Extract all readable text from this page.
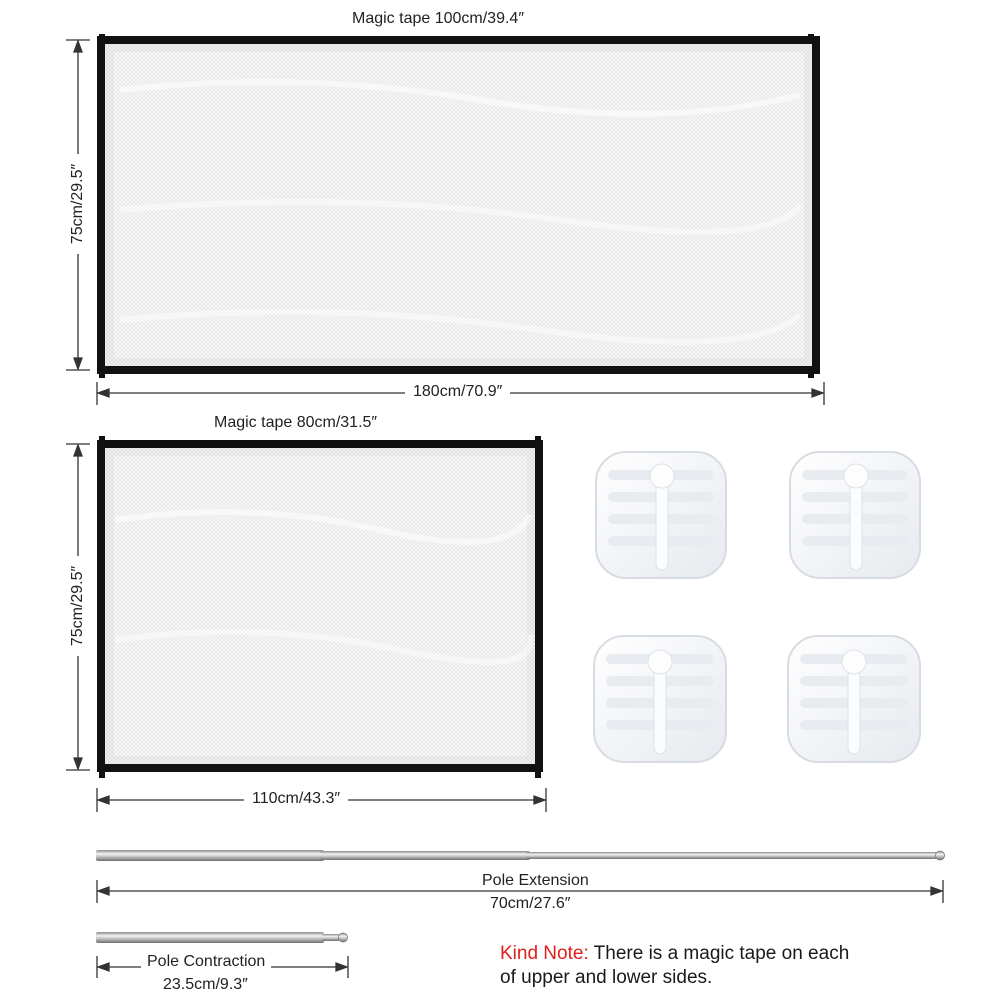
Magic tape 100cm/39.4″
75cm/29.5″
180cm/70.9″
Magic tape 80cm/31.5″
75cm/29.5″
110cm/43.3″
Pole Extension
70cm/27.6″
Pole Contraction
23.5cm/9.3″
Kind Note: There is a magic tape on each
of upper and lower sides.
